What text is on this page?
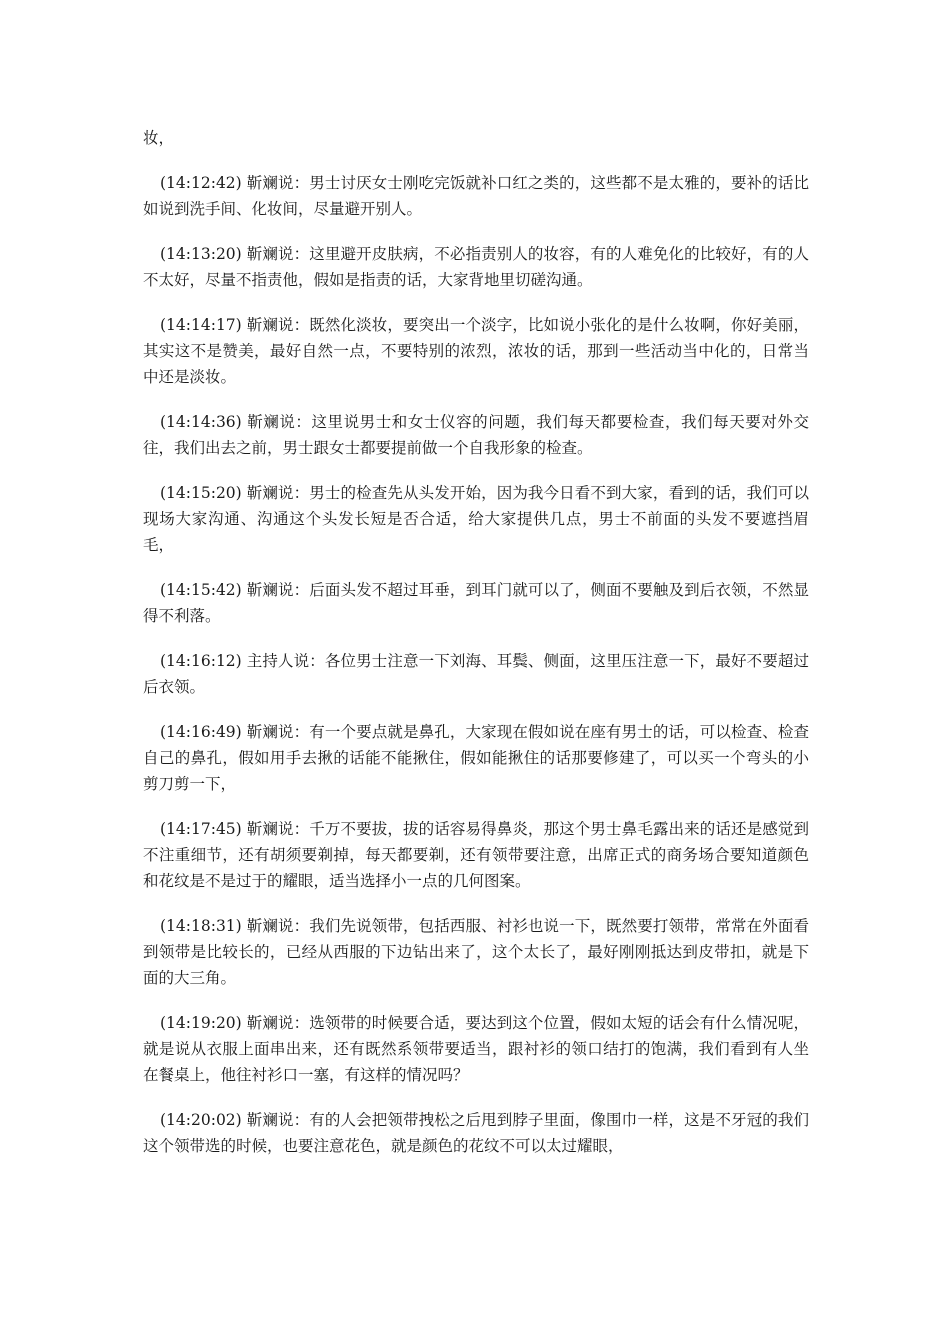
妆，

(14:12:42) 靳斓说：男士讨厌女士刚吃完饭就补口红之类的，这些都不是太雅的，要补的话比如说到洗手间、化妆间，尽量避开别人。

(14:13:20) 靳斓说：这里避开皮肤病，不必指责别人的妆容，有的人难免化的比较好，有的人不太好，尽量不指责他，假如是指责的话，大家背地里切磋沟通。

(14:14:17) 靳斓说：既然化淡妆，要突出一个淡字，比如说小张化的是什么妆啊，你好美丽，其实这不是赞美，最好自然一点，不要特别的浓烈，浓妆的话，那到一些活动当中化的，日常当中还是淡妆。

(14:14:36) 靳斓说：这里说男士和女士仪容的问题，我们每天都要检查，我们每天要对外交往，我们出去之前，男士跟女士都要提前做一个自我形象的检查。

(14:15:20) 靳斓说：男士的检查先从头发开始，因为我今日看不到大家，看到的话，我们可以现场大家沟通、沟通这个头发长短是否合适，给大家提供几点，男士不前面的头发不要遮挡眉毛，

(14:15:42) 靳斓说：后面头发不超过耳垂，到耳门就可以了，侧面不要触及到后衣领，不然显得不利落。

(14:16:12) 主持人说：各位男士注意一下刘海、耳鬓、侧面，这里压注意一下，最好不要超过后衣领。

(14:16:49) 靳斓说：有一个要点就是鼻孔，大家现在假如说在座有男士的话，可以检查、检查自己的鼻孔，假如用手去揪的话能不能揪住，假如能揪住的话那要修建了，可以买一个弯头的小剪刀剪一下，

(14:17:45) 靳斓说：千万不要拔，拔的话容易得鼻炎，那这个男士鼻毛露出来的话还是感觉到不注重细节，还有胡须要剃掉，每天都要剃，还有领带要注意，出席正式的商务场合要知道颜色和花纹是不是过于的耀眼，适当选择小一点的几何图案。

(14:18:31) 靳斓说：我们先说领带，包括西服、衬衫也说一下，既然要打领带，常常在外面看到领带是比较长的，已经从西服的下边钻出来了，这个太长了，最好刚刚抵达到皮带扣，就是下面的大三角。

(14:19:20) 靳斓说：选领带的时候要合适，要达到这个位置，假如太短的话会有什么情况呢，就是说从衣服上面串出来，还有既然系领带要适当，跟衬衫的领口结打的饱满，我们看到有人坐在餐桌上，他往衬衫口一塞，有这样的情况吗？

(14:20:02) 靳斓说：有的人会把领带拽松之后甩到脖子里面，像围巾一样，这是不牙冠的我们这个领带选的时候，也要注意花色，就是颜色的花纹不可以太过耀眼，
